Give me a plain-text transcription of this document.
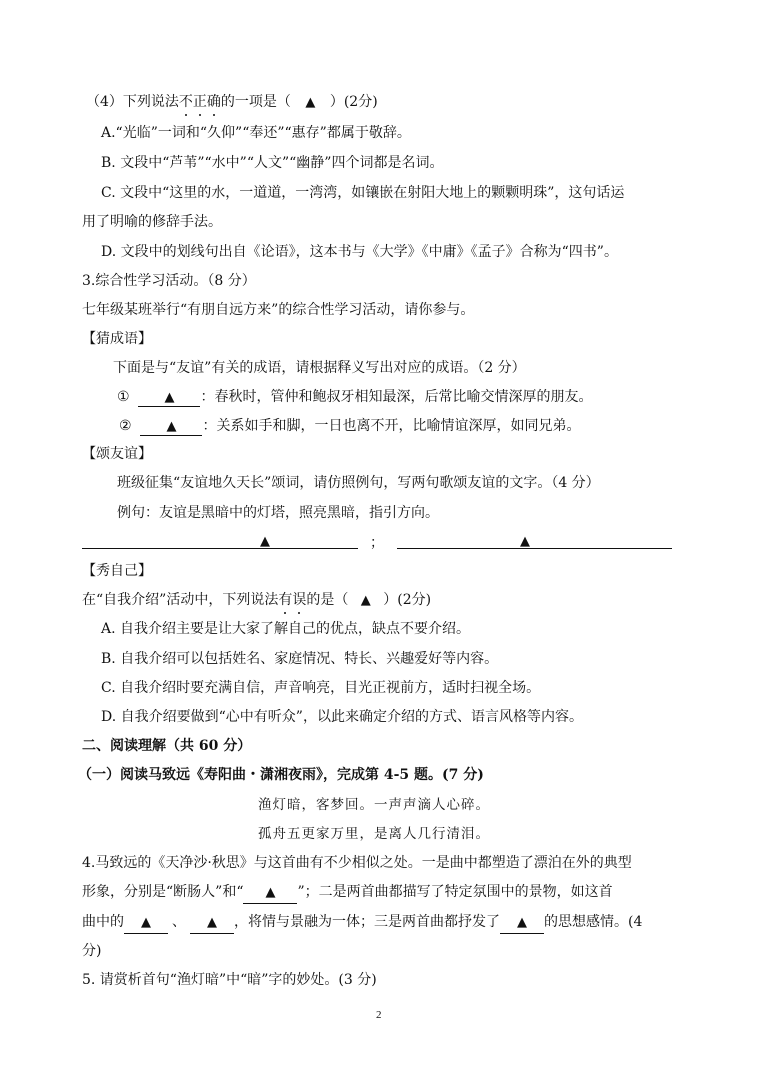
（4）下列说法不正确的一项是（ ▲ ）(2分)
A.“光临”一词和“久仰”“奉还”“惠存”都属于敬辞。
B. 文段中“芦苇”“水中”“人文”“幽静”四个词都是名词。
C. 文段中“这里的水，一道道，一湾湾，如镶嵌在射阳大地上的颗颗明珠”，这句话运
用了明喻的修辞手法。
D. 文段中的划线句出自《论语》，这本书与《大学》《中庸》《孟子》合称为“四书”。
3.综合性学习活动。（8 分）
七年级某班举行“有朋自远方来”的综合性学习活动，请你参与。
【猜成语】
下面是与“友谊”有关的成语，请根据释义写出对应的成语。（2 分）
①	▲ ：春秋时，管仲和鲍叔牙相知最深，后常比喻交情深厚的朋友。
②	▲ ：关系如手和脚，一日也离不开，比喻情谊深厚，如同兄弟。
【颂友谊】
班级征集“友谊地久天长”颂词，请仿照例句，写两句歌颂友谊的文字。（4 分）
例句：友谊是黑暗中的灯塔，照亮黑暗，指引方向。
▲	；	▲
【秀自己】
在“自我介绍”活动中，下列说法有误的是（ ▲ ）(2分)
A. 自我介绍主要是让大家了解自己的优点，缺点不要介绍。
B. 自我介绍可以包括姓名、家庭情况、特长、兴趣爱好等内容。
C. 自我介绍时要充满自信，声音响亮，目光正视前方，适时扫视全场。
D. 自我介绍要做到“心中有听众”，以此来确定介绍的方式、语言风格等内容。
二、阅读理解（共 60 分）
（一）阅读马致远《寿阳曲・潇湘夜雨》，完成第 4-5 题。(7 分)
渔灯暗，客梦回。一声声滴人心碎。
孤舟五更家万里，是离人几行清泪。
4.马致远的《天净沙·秋思》与这首曲有不少相似之处。一是曲中都塑造了漂泊在外的典型
形象，分别是“断肠人”和“ ▲ ”；二是两首曲都描写了特定氛围中的景物，如这首
曲中的 ▲ 、 ▲ ，将情与景融为一体；三是两首曲都抒发了 ▲ 的思想感情。(4
分)
5. 请赏析首句“渔灯暗”中“暗”字的妙处。(3 分)
2
